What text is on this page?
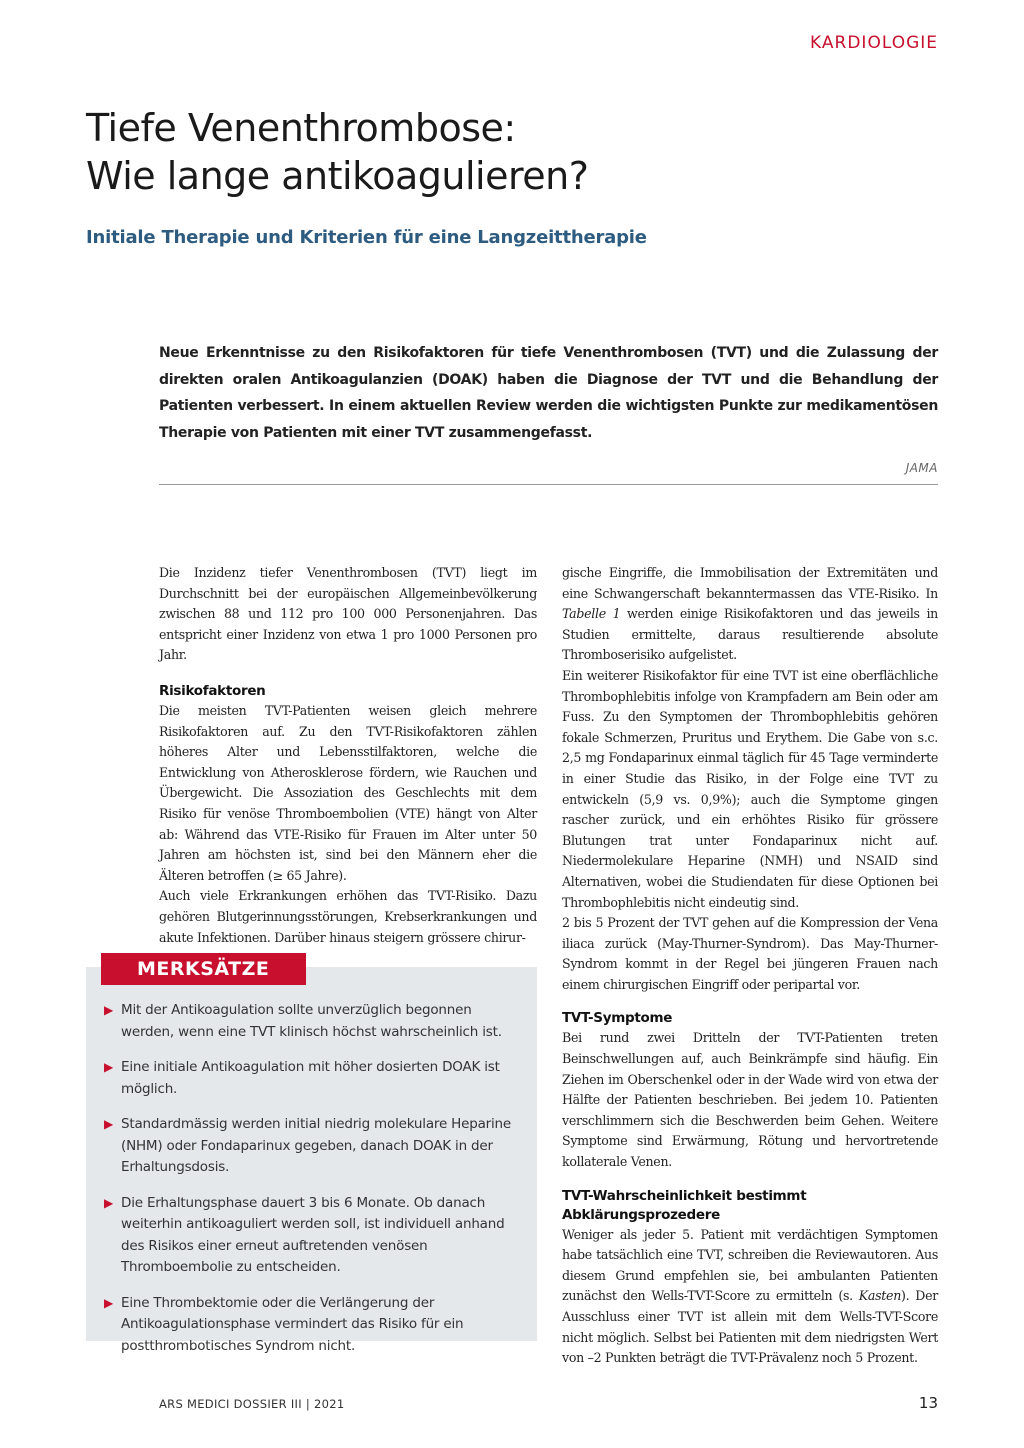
KARDIOLOGIE
Tiefe Venenthrombose:
Wie lange antikoagulieren?
Initiale Therapie und Kriterien für eine Langzeittherapie

Neue Erkenntnisse zu den Risikofaktoren für tiefe Venenthrombosen (TVT) und die Zulassung der direkten oralen Antikoagulanzien (DOAK) haben die Diagnose der TVT und die Behandlung der Patienten verbessert. In einem aktuellen Review werden die wichtigsten Punkte zur medikamentösen Therapie von Patienten mit einer TVT zusammengefasst.

JAMA

Die Inzidenz tiefer Venenthrombosen (TVT) liegt im Durchschnitt bei der europäischen Allgemeinbevölkerung zwischen 88 und 112 pro 100 000 Personenjahren. Das entspricht einer Inzidenz von etwa 1 pro 1000 Personen pro Jahr.

Risikofaktoren

Die meisten TVT-Patienten weisen gleich mehrere Risikofaktoren auf. Zu den TVT-Risikofaktoren zählen höheres Alter und Lebensstilfaktoren, welche die Entwicklung von Atherosklerose fördern, wie Rauchen und Übergewicht. Die Assoziation des Geschlechts mit dem Risiko für venöse Thromboembolien (VTE) hängt von Alter ab: Während das VTE-Risiko für Frauen im Alter unter 50 Jahren am höchsten ist, sind bei den Männern eher die Älteren betroffen (≥ 65 Jahre).

Auch viele Erkrankungen erhöhen das TVT-Risiko. Dazu gehören Blutgerinnungsstörungen, Krebserkrankungen und akute Infektionen. Darüber hinaus steigern grössere chirur-

MERKSÄTZE
▶ Mit der Antikoagulation sollte unverzüglich begonnen werden, wenn eine TVT klinisch höchst wahrscheinlich ist.
▶ Eine initiale Antikoagulation mit höher dosierten DOAK ist möglich.
▶ Standardmässig werden initial niedrig molekulare Heparine (NHM) oder Fondaparinux gegeben, danach DOAK in der Erhaltungsdosis.
▶ Die Erhaltungsphase dauert 3 bis 6 Monate. Ob danach weiterhin antikoaguliert werden soll, ist individuell anhand des Risikos einer erneut auftretenden venösen Thromboembolie zu entscheiden.
▶ Eine Thrombektomie oder die Verlängerung der Antikoagulationsphase vermindert das Risiko für ein postthrombotisches Syndrom nicht.

gische Eingriffe, die Immobilisation der Extremitäten und eine Schwangerschaft bekanntermassen das VTE-Risiko. In Tabelle 1 werden einige Risikofaktoren und das jeweils in Studien ermittelte, daraus resultierende absolute Thromboserisiko aufgelistet.

Ein weiterer Risikofaktor für eine TVT ist eine oberflächliche Thrombophlebitis infolge von Krampfadern am Bein oder am Fuss. Zu den Symptomen der Thrombophlebitis gehören fokale Schmerzen, Pruritus und Erythem. Die Gabe von s.c. 2,5 mg Fondaparinux einmal täglich für 45 Tage verminderte in einer Studie das Risiko, in der Folge eine TVT zu entwickeln (5,9 vs. 0,9%); auch die Symptome gingen rascher zurück, und ein erhöhtes Risiko für grössere Blutungen trat unter Fondaparinux nicht auf. Niedermolekulare Heparine (NMH) und NSAID sind Alternativen, wobei die Studiendaten für diese Optionen bei Thrombophlebitis nicht eindeutig sind.

2 bis 5 Prozent der TVT gehen auf die Kompression der Vena iliaca zurück (May-Thurner-Syndrom). Das May-Thurner-Syndrom kommt in der Regel bei jüngeren Frauen nach einem chirurgischen Eingriff oder peripartal vor.

TVT-Symptome

Bei rund zwei Dritteln der TVT-Patienten treten Beinschwellungen auf, auch Beinkrämpfe sind häufig. Ein Ziehen im Oberschenkel oder in der Wade wird von etwa der Hälfte der Patienten beschrieben. Bei jedem 10. Patienten verschlimmern sich die Beschwerden beim Gehen. Weitere Symptome sind Erwärmung, Rötung und hervortretende kollaterale Venen.

TVT-Wahrscheinlichkeit bestimmt
Abklärungsprozedere

Weniger als jeder 5. Patient mit verdächtigen Symptomen habe tatsächlich eine TVT, schreiben die Reviewautoren. Aus diesem Grund empfehlen sie, bei ambulanten Patienten zunächst den Wells-TVT-Score zu ermitteln (s. Kasten). Der Ausschluss einer TVT ist allein mit dem Wells-TVT-Score nicht möglich. Selbst bei Patienten mit dem niedrigsten Wert von –2 Punkten beträgt die TVT-Prävalenz noch 5 Prozent.

ARS MEDICI DOSSIER III | 2021	13
